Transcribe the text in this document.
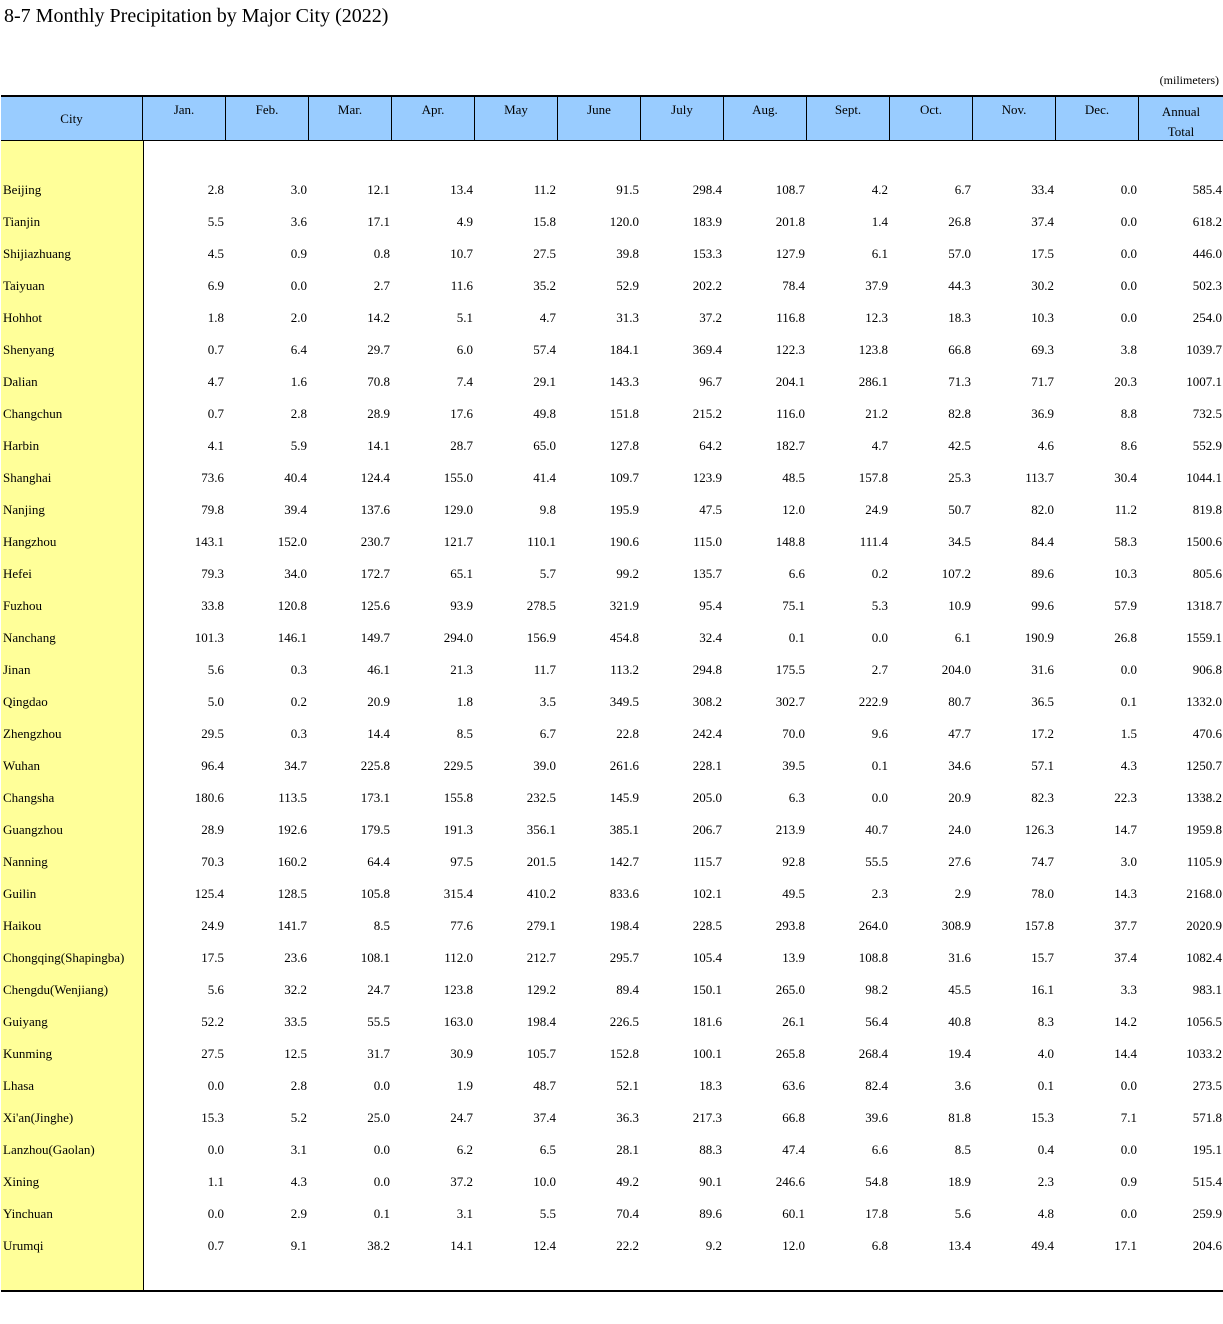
8-7 Monthly Precipitation by Major City (2022)
(milimeters)
City
Jan.	Feb.	Mar.	Apr.	May	June	July	Aug.	Sept.	Oct.	Nov.	Dec.	Annual
Total
Beijing	2.8	3.0	12.1	13.4	11.2	91.5	298.4	108.7	4.2	6.7	33.4	0.0	585.4
Tianjin	5.5	3.6	17.1	4.9	15.8	120.0	183.9	201.8	1.4	26.8	37.4	0.0	618.2
Shijiazhuang	4.5	0.9	0.8	10.7	27.5	39.8	153.3	127.9	6.1	57.0	17.5	0.0	446.0
Taiyuan	6.9	0.0	2.7	11.6	35.2	52.9	202.2	78.4	37.9	44.3	30.2	0.0	502.3
Hohhot	1.8	2.0	14.2	5.1	4.7	31.3	37.2	116.8	12.3	18.3	10.3	0.0	254.0
Shenyang	0.7	6.4	29.7	6.0	57.4	184.1	369.4	122.3	123.8	66.8	69.3	3.8	1039.7
Dalian	4.7	1.6	70.8	7.4	29.1	143.3	96.7	204.1	286.1	71.3	71.7	20.3	1007.1
Changchun	0.7	2.8	28.9	17.6	49.8	151.8	215.2	116.0	21.2	82.8	36.9	8.8	732.5
Harbin	4.1	5.9	14.1	28.7	65.0	127.8	64.2	182.7	4.7	42.5	4.6	8.6	552.9
Shanghai	73.6	40.4	124.4	155.0	41.4	109.7	123.9	48.5	157.8	25.3	113.7	30.4	1044.1
Nanjing	79.8	39.4	137.6	129.0	9.8	195.9	47.5	12.0	24.9	50.7	82.0	11.2	819.8
Hangzhou	143.1	152.0	230.7	121.7	110.1	190.6	115.0	148.8	111.4	34.5	84.4	58.3	1500.6
Hefei	79.3	34.0	172.7	65.1	5.7	99.2	135.7	6.6	0.2	107.2	89.6	10.3	805.6
Fuzhou	33.8	120.8	125.6	93.9	278.5	321.9	95.4	75.1	5.3	10.9	99.6	57.9	1318.7
Nanchang	101.3	146.1	149.7	294.0	156.9	454.8	32.4	0.1	0.0	6.1	190.9	26.8	1559.1
Jinan	5.6	0.3	46.1	21.3	11.7	113.2	294.8	175.5	2.7	204.0	31.6	0.0	906.8
Qingdao	5.0	0.2	20.9	1.8	3.5	349.5	308.2	302.7	222.9	80.7	36.5	0.1	1332.0
Zhengzhou	29.5	0.3	14.4	8.5	6.7	22.8	242.4	70.0	9.6	47.7	17.2	1.5	470.6
Wuhan	96.4	34.7	225.8	229.5	39.0	261.6	228.1	39.5	0.1	34.6	57.1	4.3	1250.7
Changsha	180.6	113.5	173.1	155.8	232.5	145.9	205.0	6.3	0.0	20.9	82.3	22.3	1338.2
Guangzhou	28.9	192.6	179.5	191.3	356.1	385.1	206.7	213.9	40.7	24.0	126.3	14.7	1959.8
Nanning	70.3	160.2	64.4	97.5	201.5	142.7	115.7	92.8	55.5	27.6	74.7	3.0	1105.9
Guilin	125.4	128.5	105.8	315.4	410.2	833.6	102.1	49.5	2.3	2.9	78.0	14.3	2168.0
Haikou	24.9	141.7	8.5	77.6	279.1	198.4	228.5	293.8	264.0	308.9	157.8	37.7	2020.9
Chongqing(Shapingba)	17.5	23.6	108.1	112.0	212.7	295.7	105.4	13.9	108.8	31.6	15.7	37.4	1082.4
Chengdu(Wenjiang)	5.6	32.2	24.7	123.8	129.2	89.4	150.1	265.0	98.2	45.5	16.1	3.3	983.1
Guiyang	52.2	33.5	55.5	163.0	198.4	226.5	181.6	26.1	56.4	40.8	8.3	14.2	1056.5
Kunming	27.5	12.5	31.7	30.9	105.7	152.8	100.1	265.8	268.4	19.4	4.0	14.4	1033.2
Lhasa	0.0	2.8	0.0	1.9	48.7	52.1	18.3	63.6	82.4	3.6	0.1	0.0	273.5
Xi'an(Jinghe)	15.3	5.2	25.0	24.7	37.4	36.3	217.3	66.8	39.6	81.8	15.3	7.1	571.8
Lanzhou(Gaolan)	0.0	3.1	0.0	6.2	6.5	28.1	88.3	47.4	6.6	8.5	0.4	0.0	195.1
Xining	1.1	4.3	0.0	37.2	10.0	49.2	90.1	246.6	54.8	18.9	2.3	0.9	515.4
Yinchuan	0.0	2.9	0.1	3.1	5.5	70.4	89.6	60.1	17.8	5.6	4.8	0.0	259.9
Urumqi	0.7	9.1	38.2	14.1	12.4	22.2	9.2	12.0	6.8	13.4	49.4	17.1	204.6
